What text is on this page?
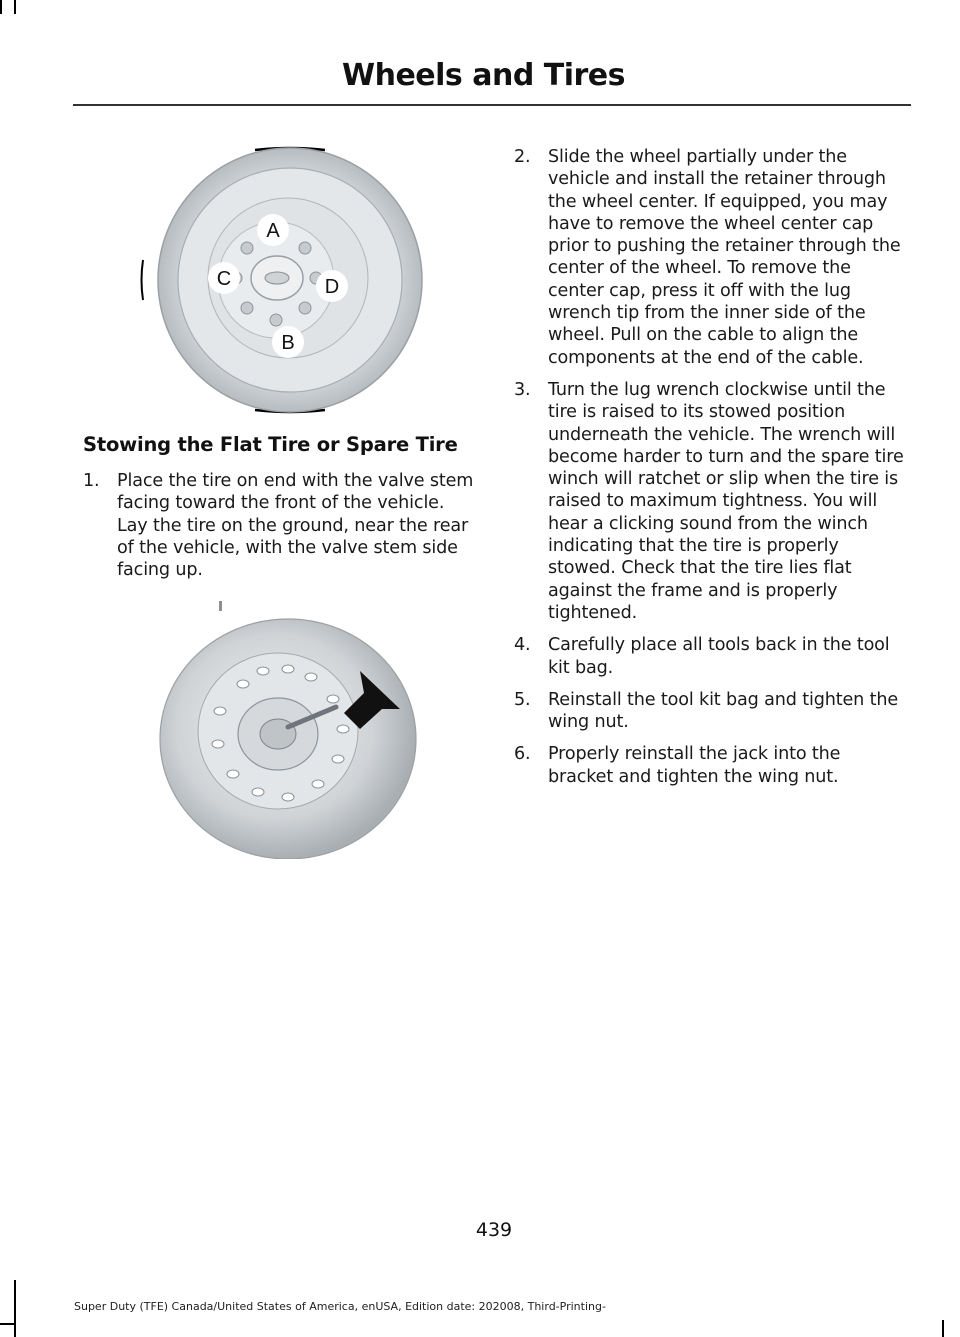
Wheels and Tires
A
B
C	D
Stowing the Flat Tire or Spare Tire
1. Place the tire on end with the valve stem facing toward the front of the vehicle. Lay the tire on the ground, near the rear of the vehicle, with the valve stem side facing up.
2. Slide the wheel partially under the vehicle and install the retainer through the wheel center. If equipped, you may have to remove the wheel center cap prior to pushing the retainer through the center of the wheel. To remove the center cap, press it off with the lug wrench tip from the inner side of the wheel. Pull on the cable to align the components at the end of the cable.
3. Turn the lug wrench clockwise until the tire is raised to its stowed position underneath the vehicle. The wrench will become harder to turn and the spare tire winch will ratchet or slip when the tire is raised to maximum tightness. You will hear a clicking sound from the winch indicating that the tire is properly stowed. Check that the tire lies flat against the frame and is properly tightened.
4. Carefully place all tools back in the tool kit bag.
5. Reinstall the tool kit bag and tighten the wing nut.
6. Properly reinstall the jack into the bracket and tighten the wing nut.
439
Super Duty (TFE) Canada/United States of America, enUSA, Edition date: 202008, Third-Printing-
